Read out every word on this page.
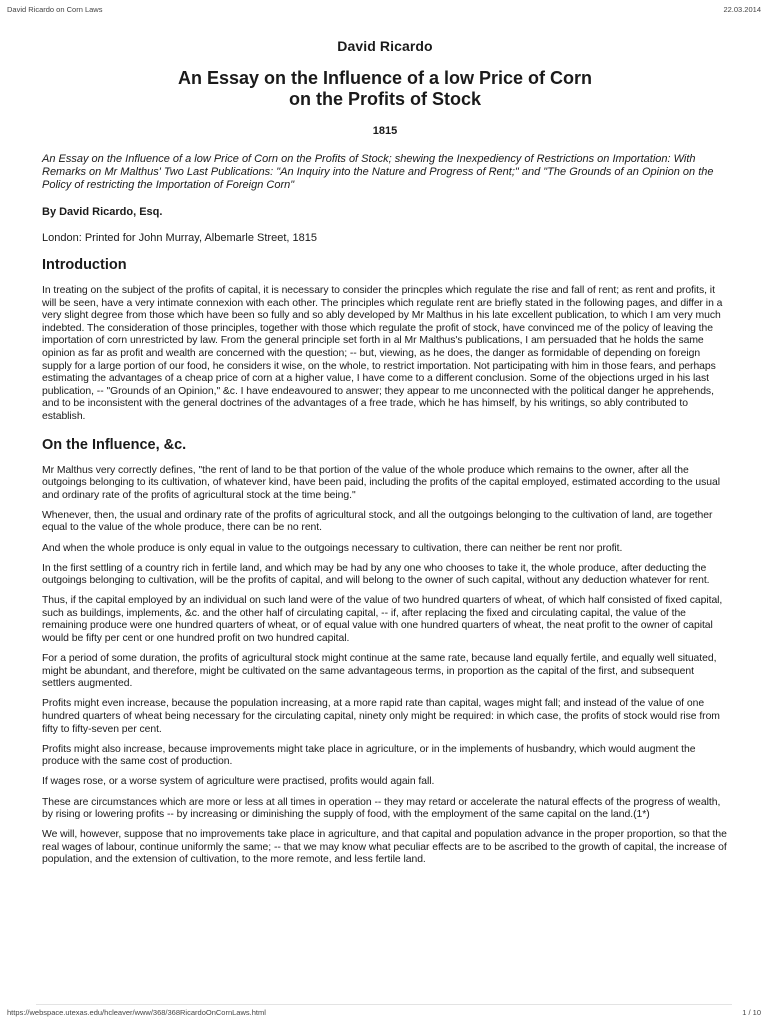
David Ricardo on Corn Laws	22.03.2014
David Ricardo
An Essay on the Influence of a low Price of Corn
on the Profits of Stock
1815
An Essay on the Influence of a low Price of Corn on the Profits of Stock; shewing the Inexpediency of Restrictions on Importation: With Remarks on Mr Malthus' Two Last Publications: "An Inquiry into the Nature and Progress of Rent;" and "The Grounds of an Opinion on the Policy of restricting the Importation of Foreign Corn"
By David Ricardo, Esq.
London: Printed for John Murray, Albemarle Street, 1815
Introduction

In treating on the subject of the profits of capital, it is necessary to consider the princples which regulate the rise and fall of rent; as rent and profits, it will be seen, have a very intimate connexion with each other. The principles which regulate rent are briefly stated in the following pages, and differ in a very slight degree from those which have been so fully and so ably developed by Mr Malthus in his late excellent publication, to which I am very much indebted. The consideration of those principles, together with those which regulate the profit of stock, have convinced me of the policy of leaving the importation of corn unrestricted by law. From the general principle set forth in al Mr Malthus's publications, I am persuaded that he holds the same opinion as far as profit and wealth are concerned with the question; -- but, viewing, as he does, the danger as formidable of depending on foreign supply for a large portion of our food, he considers it wise, on the whole, to restrict importation. Not participating with him in those fears, and perhaps estimating the advantages of a cheap price of corn at a higher value, I have come to a different conclusion. Some of the objections urged in his last publication, -- "Grounds of an Opinion," &c. I have endeavoured to answer; they appear to me unconnected with the political danger he apprehends, and to be inconsistent with the general doctrines of the advantages of a free trade, which he has himself, by his writings, so ably contributed to establish.

On the Influence, &c.

Mr Malthus very correctly defines, "the rent of land to be that portion of the value of the whole produce which remains to the owner, after all the outgoings belonging to its cultivation, of whatever kind, have been paid, including the profits of the capital employed, estimated according to the usual and ordinary rate of the profits of agricultural stock at the time being."

Whenever, then, the usual and ordinary rate of the profits of agricultural stock, and all the outgoings belonging to the cultivation of land, are together equal to the value of the whole produce, there can be no rent.

And when the whole produce is only equal in value to the outgoings necessary to cultivation, there can neither be rent nor profit.

In the first settling of a country rich in fertile land, and which may be had by any one who chooses to take it, the whole produce, after deducting the outgoings belonging to cultivation, will be the profits of capital, and will belong to the owner of such capital, without any deduction whatever for rent.

Thus, if the capital employed by an individual on such land were of the value of two hundred quarters of wheat, of which half consisted of fixed capital, such as buildings, implements, &c. and the other half of circulating capital, -- if, after replacing the fixed and circulating capital, the value of the remaining produce were one hundred quarters of wheat, or of equal value with one hundred quarters of wheat, the neat profit to the owner of capital would be fifty per cent or one hundred profit on two hundred capital.

For a period of some duration, the profits of agricultural stock might continue at the same rate, because land equally fertile, and equally well situated, might be abundant, and therefore, might be cultivated on the same advantageous terms, in proportion as the capital of the first, and subsequent settlers augmented.

Profits might even increase, because the population increasing, at a more rapid rate than capital, wages might fall; and instead of the value of one hundred quarters of wheat being necessary for the circulating capital, ninety only might be required: in which case, the profits of stock would rise from fifty to fifty-seven per cent.

Profits might also increase, because improvements might take place in agriculture, or in the implements of husbandry, which would augment the produce with the same cost of production.

If wages rose, or a worse system of agriculture were practised, profits would again fall.

These are circumstances which are more or less at all times in operation -- they may retard or accelerate the natural effects of the progress of wealth, by rising or lowering profits -- by increasing or diminishing the supply of food, with the employment of the same capital on the land.(1*)

We will, however, suppose that no improvements take place in agriculture, and that capital and population advance in the proper proportion, so that the real wages of labour, continue uniformly the same; -- that we may know what peculiar effects are to be ascribed to the growth of capital, the increase of population, and the extension of cultivation, to the more remote, and less fertile land.

https://webspace.utexas.edu/hcleaver/www/368/368RicardoOnCornLaws.html	1 / 10
